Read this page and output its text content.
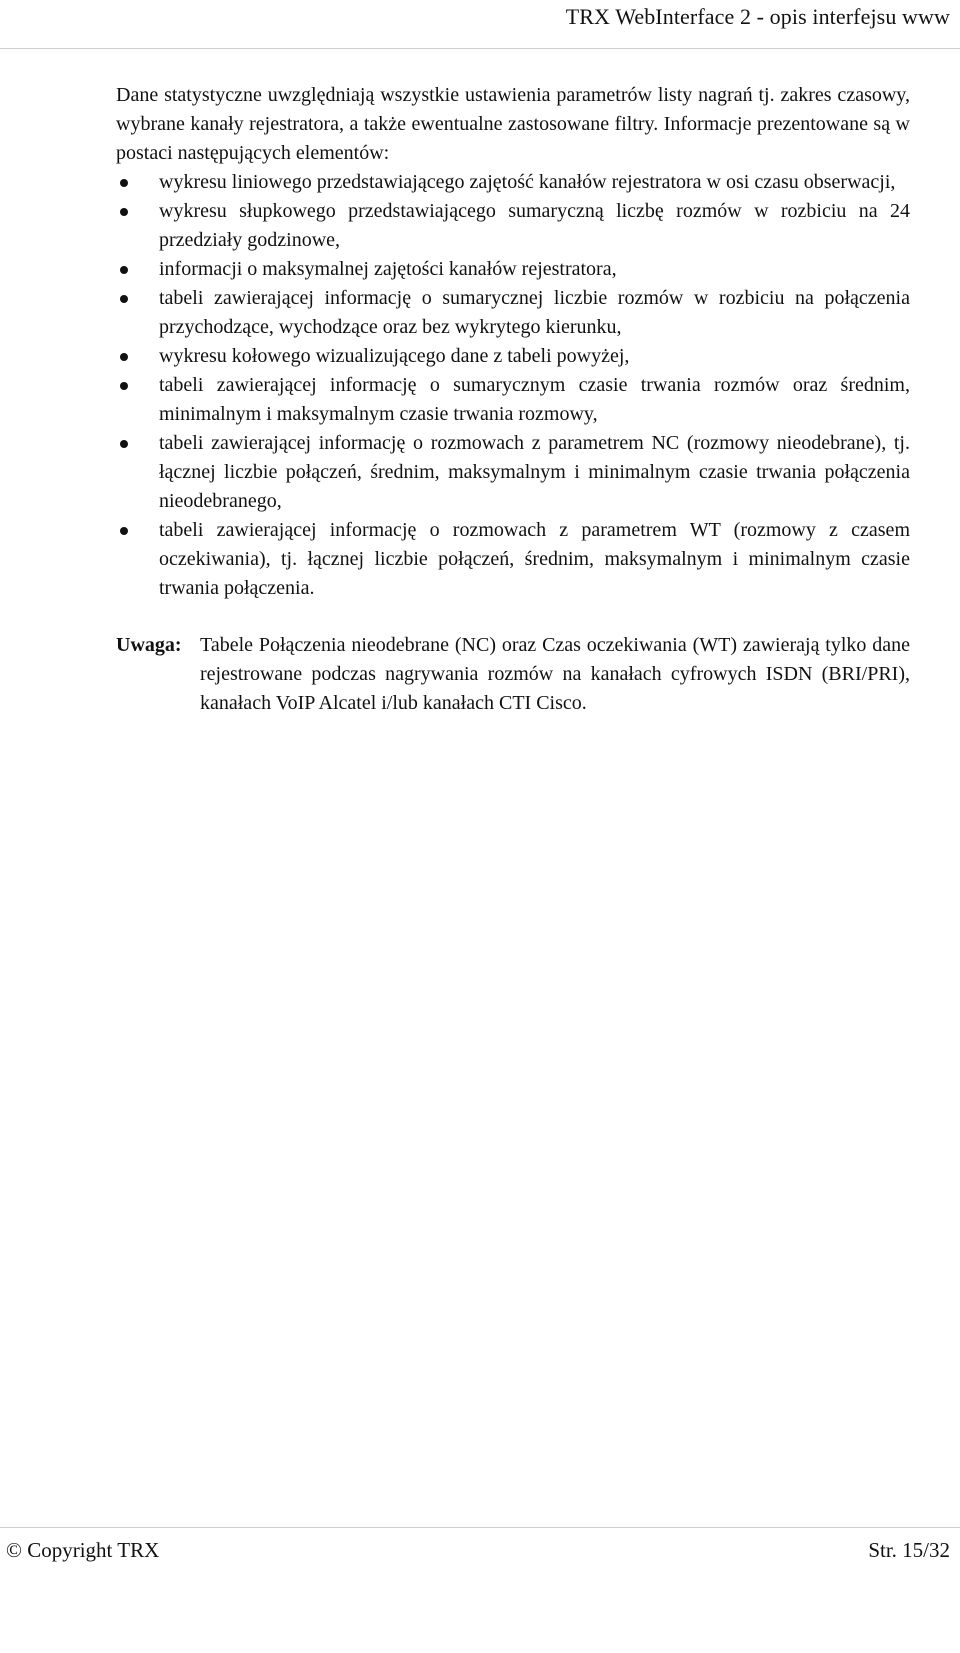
TRX WebInterface 2 - opis interfejsu www

Dane statystyczne uwzględniają wszystkie ustawienia parametrów listy nagrań tj. zakres czasowy, wybrane kanały rejestratora, a także ewentualne zastosowane filtry. Informacje prezentowane są w postaci następujących elementów:

wykresu liniowego przedstawiającego zajętość kanałów rejestratora w osi czasu obserwacji,
wykresu słupkowego przedstawiającego sumaryczną liczbę rozmów w rozbiciu na 24 przedziały godzinowe,
informacji o maksymalnej zajętości kanałów rejestratora,
tabeli zawierającej informację o sumarycznej liczbie rozmów w rozbiciu na połączenia przychodzące, wychodzące oraz bez wykrytego kierunku,
wykresu kołowego wizualizującego dane z tabeli powyżej,
tabeli zawierającej informację o sumarycznym czasie trwania rozmów oraz średnim, minimalnym i maksymalnym czasie trwania rozmowy,
tabeli zawierającej informację o rozmowach z parametrem NC (rozmowy nieodebrane), tj. łącznej liczbie połączeń, średnim, maksymalnym i minimalnym czasie trwania połączenia nieodebranego,
tabeli zawierającej informację o rozmowach z parametrem WT (rozmowy z czasem oczekiwania), tj. łącznej liczbie połączeń, średnim, maksymalnym i minimalnym czasie trwania połączenia.
Uwaga: Tabele Połączenia nieodebrane (NC) oraz Czas oczekiwania (WT) zawierają tylko dane rejestrowane podczas nagrywania rozmów na kanałach cyfrowych ISDN (BRI/PRI), kanałach VoIP Alcatel i/lub kanałach CTI Cisco.
© Copyright TRX	Str. 15/32
